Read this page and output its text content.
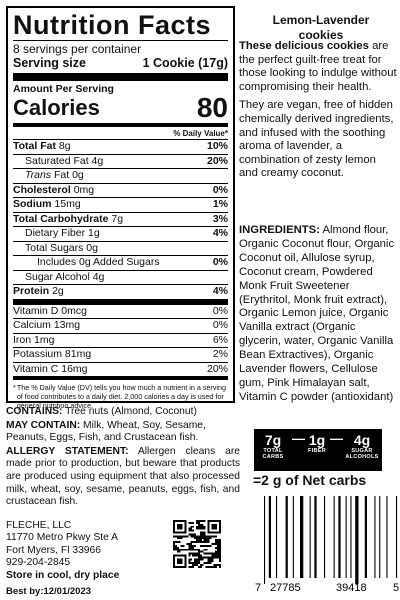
Nutrition Facts
8 servings per container
Serving size	1 Cookie (17g)
Amount Per Serving
Calories	80
% Daily Value*
Total Fat 8g	10%
Saturated Fat 4g	20%
Trans Fat 0g
Cholesterol 0mg	0%
Sodium 15mg	1%
Total Carbohydrate 7g	3%
Dietary Fiber 1g	4%
Total Sugars 0g
Includes 0g Added Sugars	0%
Sugar Alcohol 4g
Protein 2g	4%
Vitamin D 0mcg	0%
Calcium 13mg	0%
Iron 1mg	6%
Potassium 81mg	2%
Vitamin C 16mg	20%
* The % Daily Value (DV) tells you how much a nutrient in a serving of food contributes to a daily diet. 2,000 calories a day is used for general nutrition advice.
Lemon-Lavender
cookies

These delicious cookies are the perfect guilt-free treat for those looking to indulge without compromising their health.

They are vegan, free of hidden chemically derived ingredients, and infused with the soothing aroma of lavender, a combination of zesty lemon and creamy coconut.

INGREDIENTS: Almond flour, Organic Coconut flour, Organic Coconut oil, Allulose syrup, Coconut cream, Powdered Monk Fruit Sweetener (Erythritol, Monk fruit extract), Organic Lemon juice, Organic Vanilla extract (Organic glycerin, water, Organic Vanilla Bean Extractives), Organic Lavender flowers, Cellulose gum, Pink Himalayan salt, Vitamin C powder (antioxidant)
7g
TOTAL CARBS
— 1g
FIBER
— 4g
SUGAR ALCOHOLS
=2 g of Net carbs
7 27785	39418 5
CONTAINS: Tree nuts (Almond, Coconut)
MAY CONTAIN: Milk, Wheat, Soy, Sesame, Peanuts, Eggs, Fish, and Crustacean fish.
ALLERGY STATEMENT: Allergen cleans are made prior to production, but beware that products are produced using equipment that also processed milk, wheat, soy, sesame, peanuts, eggs, fish, and crustacean fish.
FLECHE, LLC
11770 Metro Pkwy Ste A
Fort Myers, Fl 33966
929-204-2845
Store in cool, dry place
Best by:12/01/2023
